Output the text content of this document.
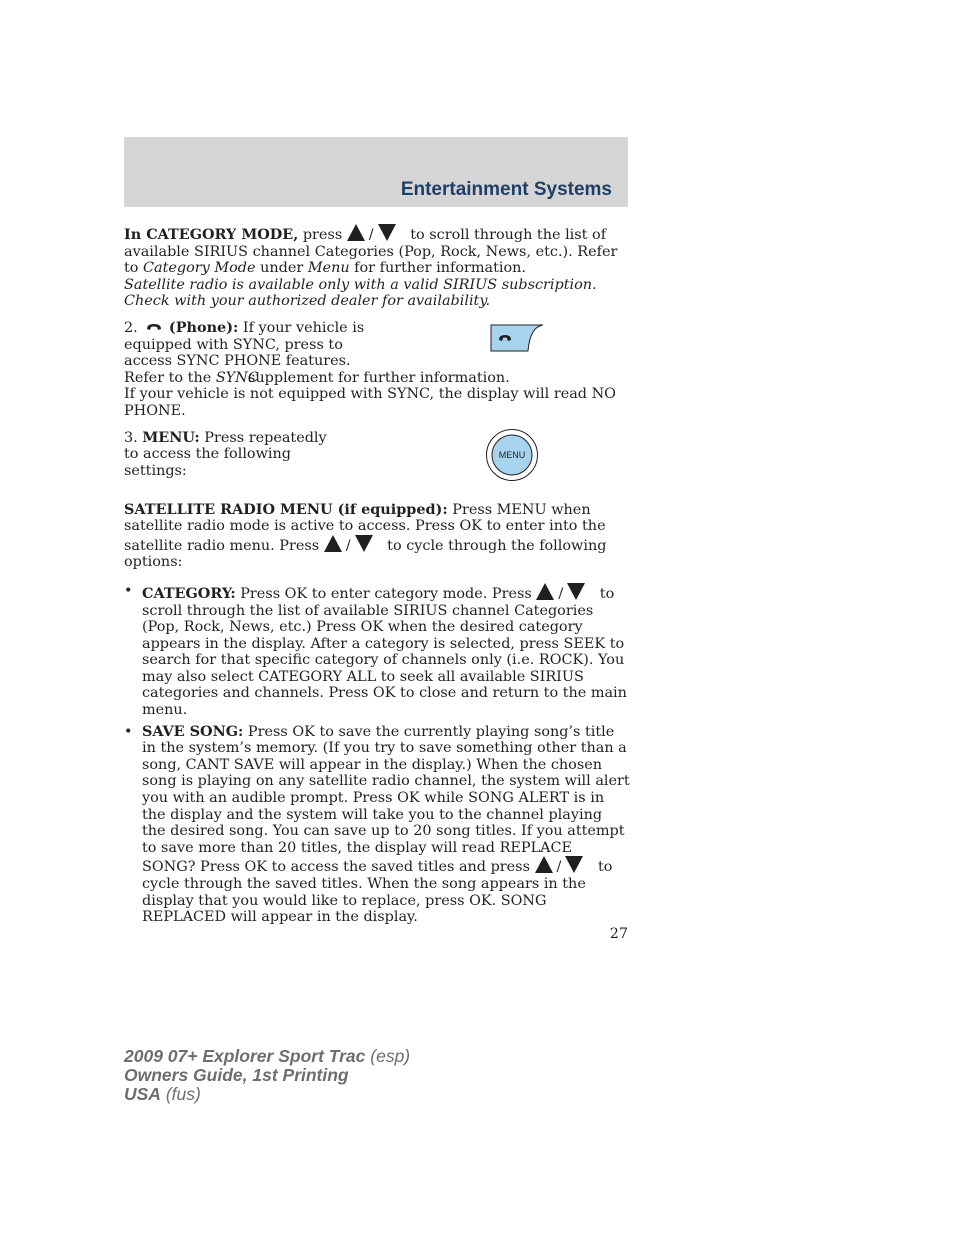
Entertainment Systems

In CATEGORY MODE, press / to scroll through the list of available SIRIUS channel Categories (Pop, Rock, News, etc.). Refer to Category Mode under Menu for further information.
Satellite radio is available only with a valid SIRIUS subscription. Check with your authorized dealer for availability.

2. (Phone): If your vehicle is equipped with SYNC, press to access SYNC PHONE features. Refer to the SYNC
supplement for further information.
If your vehicle is not equipped with SYNC, the display will read NO PHONE.
3. MENU: Press repeatedly to access the following settings:

SATELLITE RADIO MENU (if equipped): Press MENU when satellite radio mode is active to access. Press OK to enter into the satellite radio menu. Press / to cycle through the following options:

• CATEGORY: Press OK to enter category mode. Press / to scroll through the list of available SIRIUS channel Categories (Pop, Rock, News, etc.) Press OK when the desired category appears in the display. After a category is selected, press SEEK to search for that specific category of channels only (i.e. ROCK). You may also select CATEGORY ALL to seek all available SIRIUS categories and channels. Press OK to close and return to the main menu.
• SAVE SONG: Press OK to save the currently playing song’s title in the system’s memory. (If you try to save something other than a song, CANT SAVE will appear in the display.) When the chosen song is playing on any satellite radio channel, the system will alert you with an audible prompt. Press OK while SONG ALERT is in the display and the system will take you to the channel playing the desired song. You can save up to 20 song titles. If you attempt to save more than 20 titles, the display will read REPLACE SONG? Press OK to access the saved titles and press / to cycle through the saved titles. When the song appears in the display that you would like to replace, press OK. SONG REPLACED will appear in the display.
MENU
27
2009 07+ Explorer Sport Trac (esp)
Owners Guide, 1st Printing
USA (fus)
